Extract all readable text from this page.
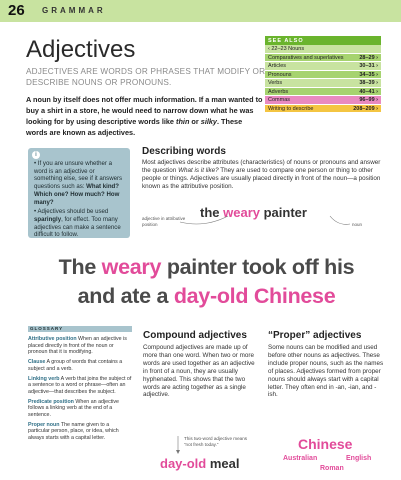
26 GRAMMAR
Adjectives
ADJECTIVES ARE WORDS OR PHRASES THAT MODIFY OR DESCRIBE NOUNS OR PRONOUNS.
A noun by itself does not offer much information. If a man wanted to buy a shirt in a store, he would need to narrow down what he was looking for by using descriptive words like thin or silky. These words are known as adjectives.
SEE ALSO
‹ 22–23 Nouns
Comparatives and superlatives	28–29 ›
Articles	30–31 ›
Pronouns	34–35 ›
Verbs	38–39 ›
Adverbs	40–41 ›
Commas	96–99 ›
Writing to describe	208–209 ›
i

• If you are unsure whether a word is an adjective or something else, see if it answers questions such as: What kind? Which one? How much? How many?

• Adjectives should be used sparingly, for effect. Too many adjectives can make a sentence difficult to follow.

Describing words
Most adjectives describe attributes (characteristics) of nouns or pronouns and answer the question What is it like? They are used to compare one person or thing to other people or things. Adjectives are usually placed directly in front of the noun—a position known as the attributive position.
the weary painter
adjective in attributive position	noun
The weary painter took off his
and ate a day-old Chinese
GLOSSARY

Attributive position When an adjective is placed directly in front of the noun or pronoun that it is modifying.

Clause A group of words that contains a subject and a verb.

Linking verb A verb that joins the subject of a sentence to a word or phrase—often an adjective—that describes the subject.

Predicate position When an adjective follows a linking verb at the end of a sentence.

Proper noun The name given to a particular person, place, or idea, which always starts with a capital letter.

Compound adjectives
Compound adjectives are made up of more than one word. When two or more words are used together as an adjective in front of a noun, they are usually hyphenated. This shows that the two words are acting together as a single adjective.
This two-word adjective means “not fresh today.”
day-old meal
“Proper” adjectives
Some nouns can be modified and used before other nouns as adjectives. These include proper nouns, such as the names of places. Adjectives formed from proper nouns should always start with a capital letter. They often end in -an, -ian, and -ish.
Chinese
Australian	English
Roman
